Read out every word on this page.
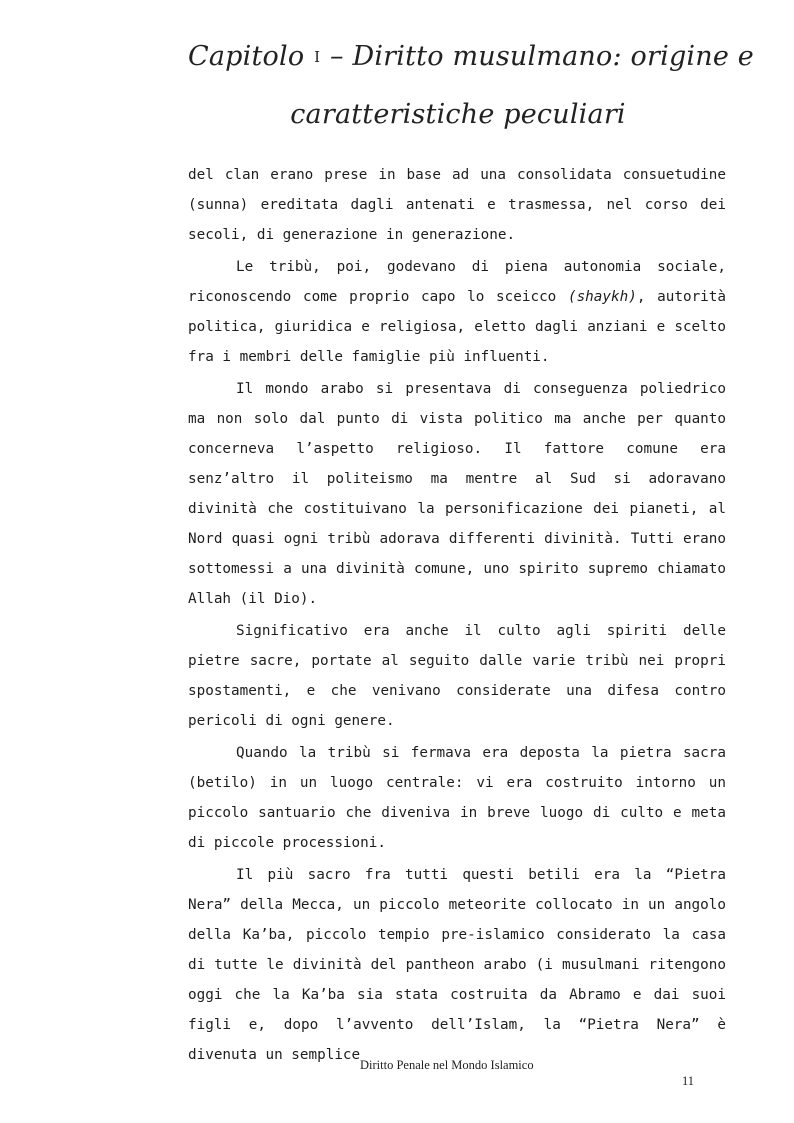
Capitolo I – Diritto musulmano: origine e
caratteristiche peculiari

del clan erano prese in base ad una consolidata consuetudine (sunna) ereditata dagli antenati e trasmessa, nel corso dei secoli, di generazione in generazione.

Le tribù, poi, godevano di piena autonomia sociale, riconoscendo come proprio capo lo sceicco (shaykh), autorità politica, giuridica e religiosa, eletto dagli anziani e scelto fra i membri delle famiglie più influenti.

Il mondo arabo si presentava di conseguenza poliedrico ma non solo dal punto di vista politico ma anche per quanto concerneva l’aspetto religioso. Il fattore comune era senz’altro il politeismo ma mentre al Sud si adoravano divinità che costituivano la personificazione dei pianeti, al Nord quasi ogni tribù adorava differenti divinità. Tutti erano sottomessi a una divinità comune, uno spirito supremo chiamato Allah (il Dio).

Significativo era anche il culto agli spiriti delle pietre sacre, portate al seguito dalle varie tribù nei propri spostamenti, e che venivano considerate una difesa contro pericoli di ogni genere.

Quando la tribù si fermava era deposta la pietra sacra (betilo) in un luogo centrale: vi era costruito intorno un piccolo santuario che diveniva in breve luogo di culto e meta di piccole processioni.

Il più sacro fra tutti questi betili era la “Pietra Nera” della Mecca, un piccolo meteorite collocato in un angolo della Ka’ba, piccolo tempio pre-islamico considerato la casa di tutte le divinità del pantheon arabo (i musulmani ritengono oggi che la Ka’ba sia stata costruita da Abramo e dai suoi figli e, dopo l’avvento dell’Islam, la “Pietra Nera” è divenuta un semplice

Diritto Penale nel Mondo Islamico
11
